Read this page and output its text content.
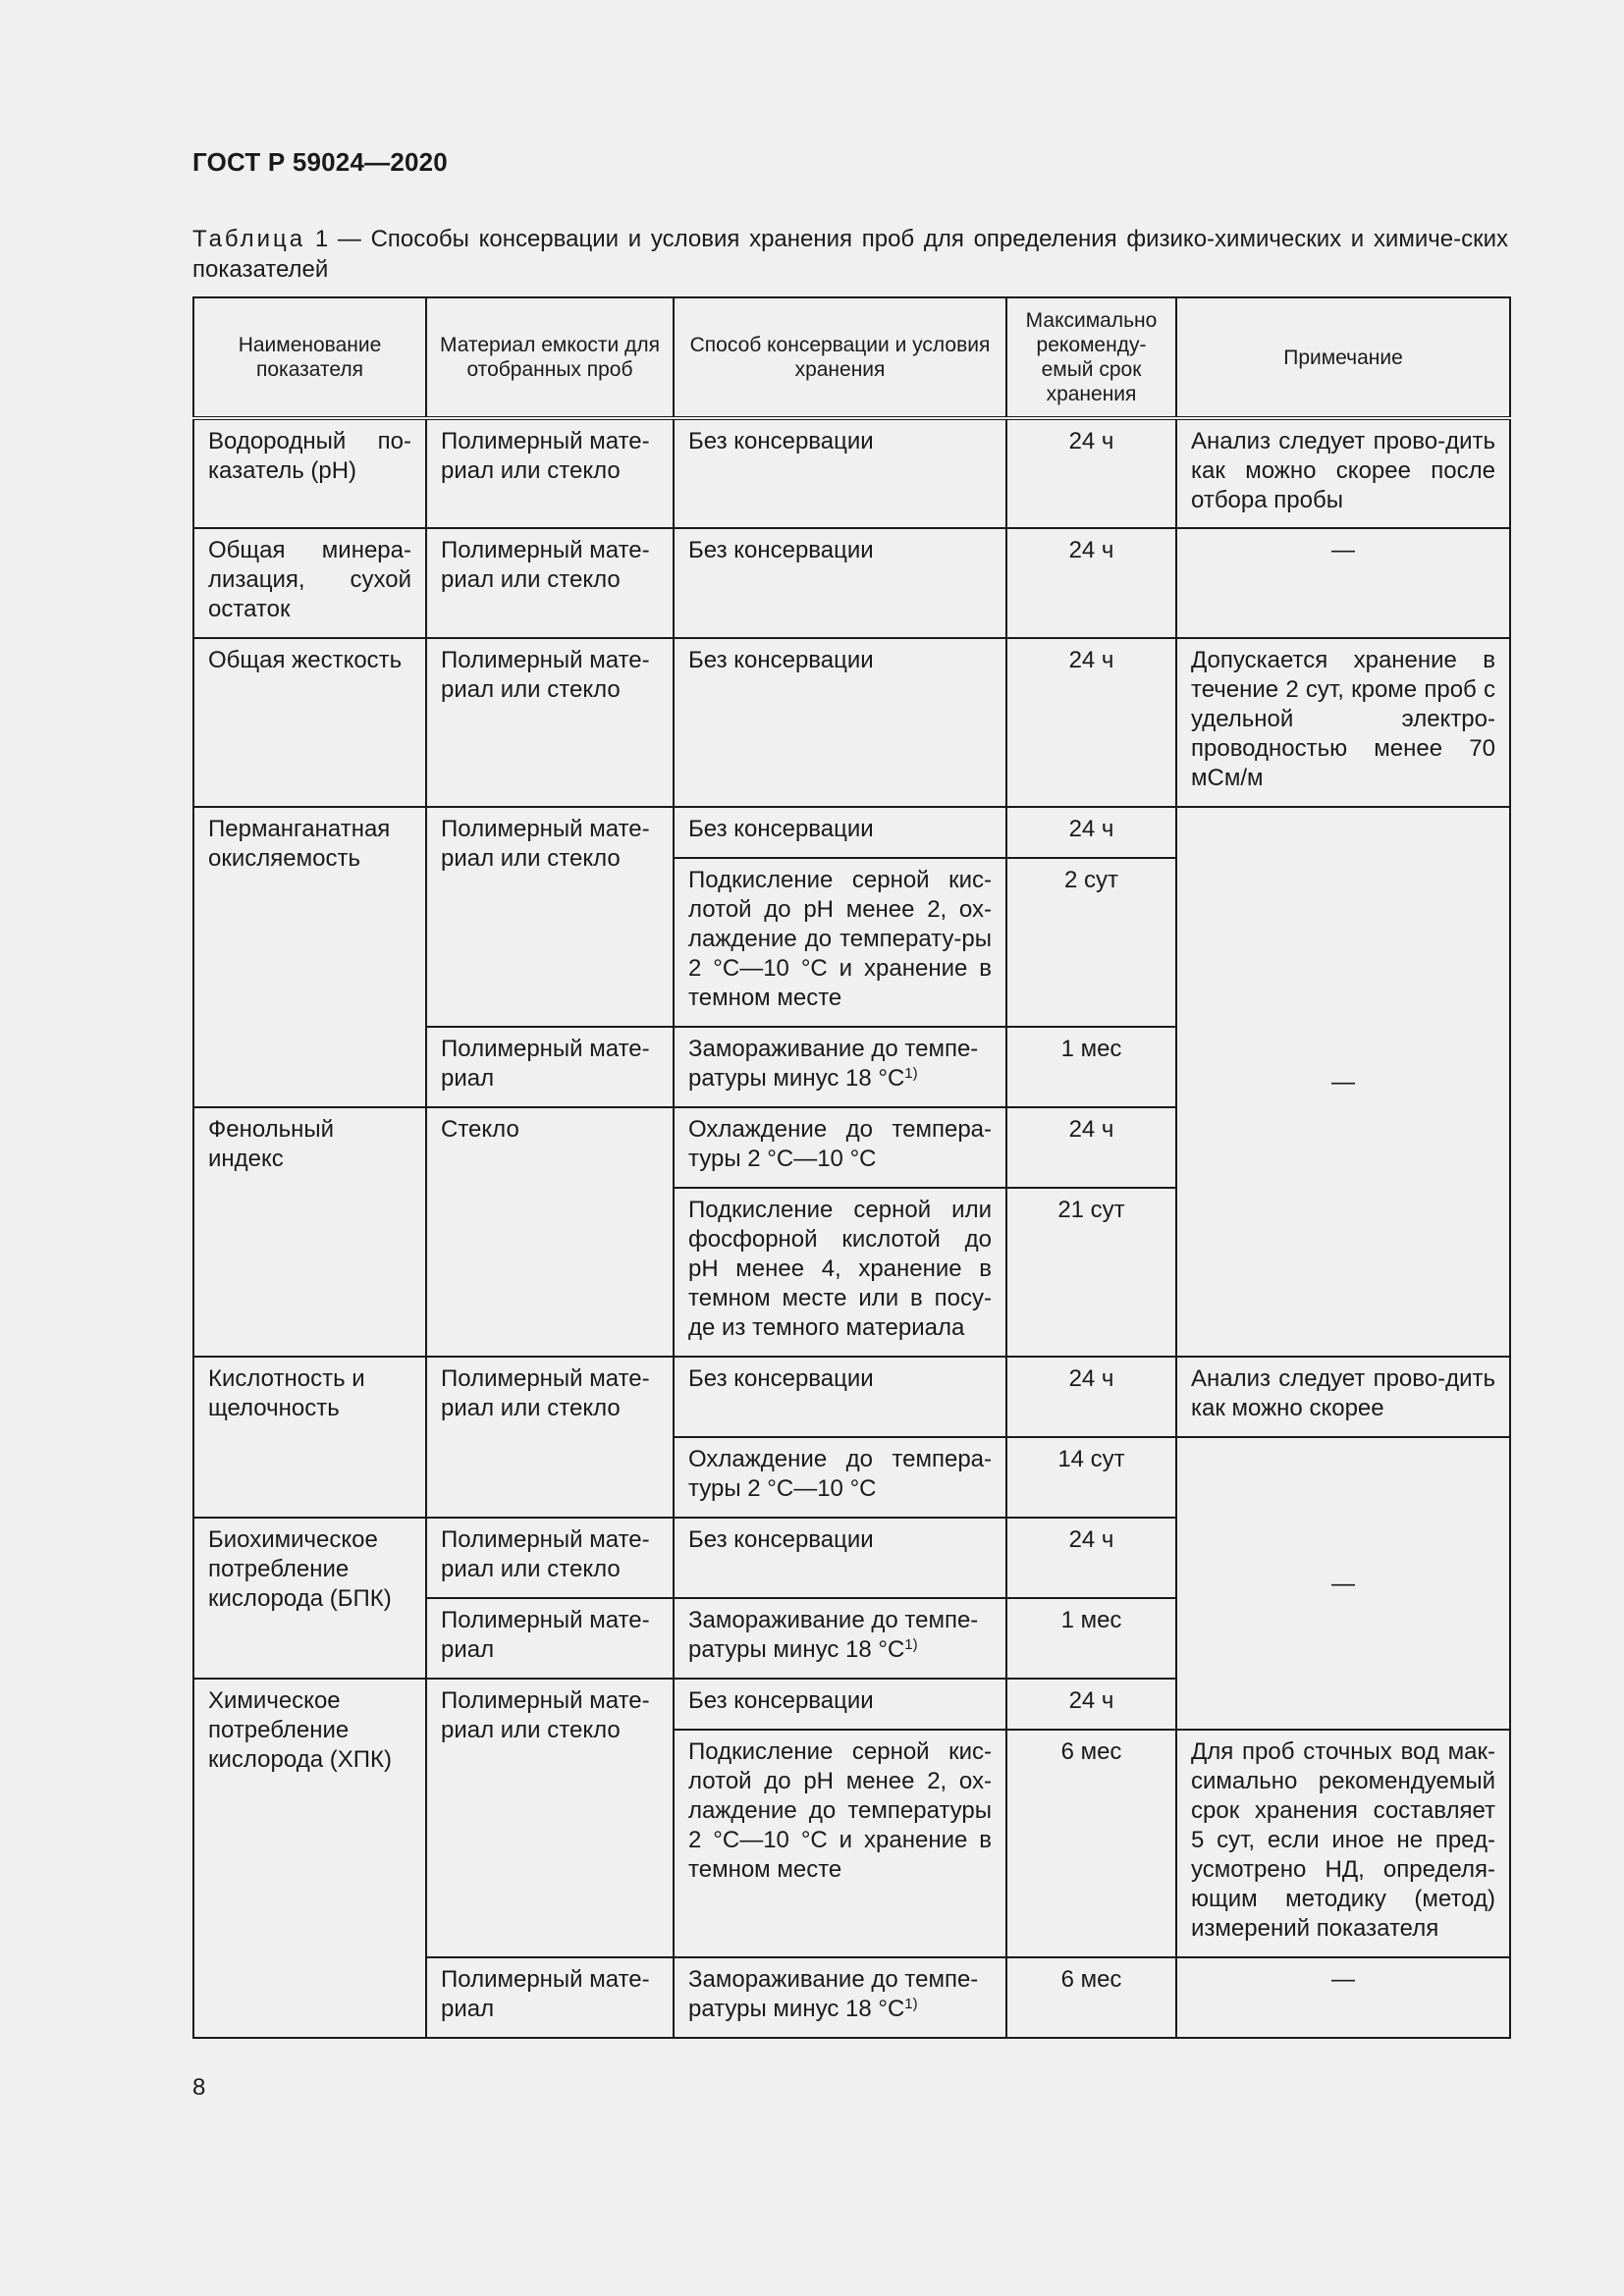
ГОСТ Р 59024—2020
Таблица 1 — Способы консервации и условия хранения проб для определения физико-химических и химиче-ских показателей
Наименование показателя	Материал емкости для отобранных проб	Способ консервации и условия хранения	Максимально рекоменду-емый срок хранения	Примечание
Водородный по-казатель (pH)	Полимерный мате-риал или стекло	Без консервации	24 ч	Анализ следует прово-дить как можно скорее после отбора пробы
Общая минера-лизация, сухой остаток	Полимерный мате-риал или стекло	Без консервации	24 ч	—
Общая жесткость	Полимерный мате-риал или стекло	Без консервации	24 ч	Допускается хранение в течение 2 сут, кроме проб с удельной электро-проводностью менее 70 мСм/м
Перманганатная окисляемость	Полимерный мате-риал или стекло	Без консервации	24 ч	—
		Подкисление серной кис-лотой до pH менее 2, ох-лаждение до температу-ры 2 °С—10 °С и хранение в темном месте	2 сут	
	Полимерный мате-риал	Замораживание до темпе-ратуры минус 18 $^\circ С^{1)}$	1 мес	
Фенольный индекс	Стекло	Охлаждение до темпера-туры 2 °С—10 °С	24 ч	
		Подкисление серной или фосфорной кислотой до pH менее 4, хранение в темном месте или в посу-де из темного материала	21 сут	
Кислотность и щелочность	Полимерный мате-риал или стекло	Без консервации	24 ч	Анализ следует прово-дить как можно скорее
		Охлаждение до темпера-туры 2 °С—10 °С	14 сут	—
Биохимическое потребление кислорода (БПК)	Полимерный мате-риал или стекло	Без консервации	24 ч	
	Полимерный мате-риал	Замораживание до темпе-ратуры минус 18 $^\circ С^{1)}$	1 мес	
Химическое потребление кислорода (ХПК)	Полимерный мате-риал или стекло	Без консервации	24 ч	
		Подкисление серной кис-лотой до pH менее 2, ох-лаждение до температуры 2 °С—10 °С и хранение в темном месте	6 мес	Для проб сточных вод мак-симально рекомендуемый срок хранения составляет 5 сут, если иное не пред-усмотрено НД, определя-ющим методику (метод) измерений показателя
	Полимерный мате-риал	Замораживание до темпе-ратуры минус 18 $^\circ С^{1)}$	6 мес	—
8
